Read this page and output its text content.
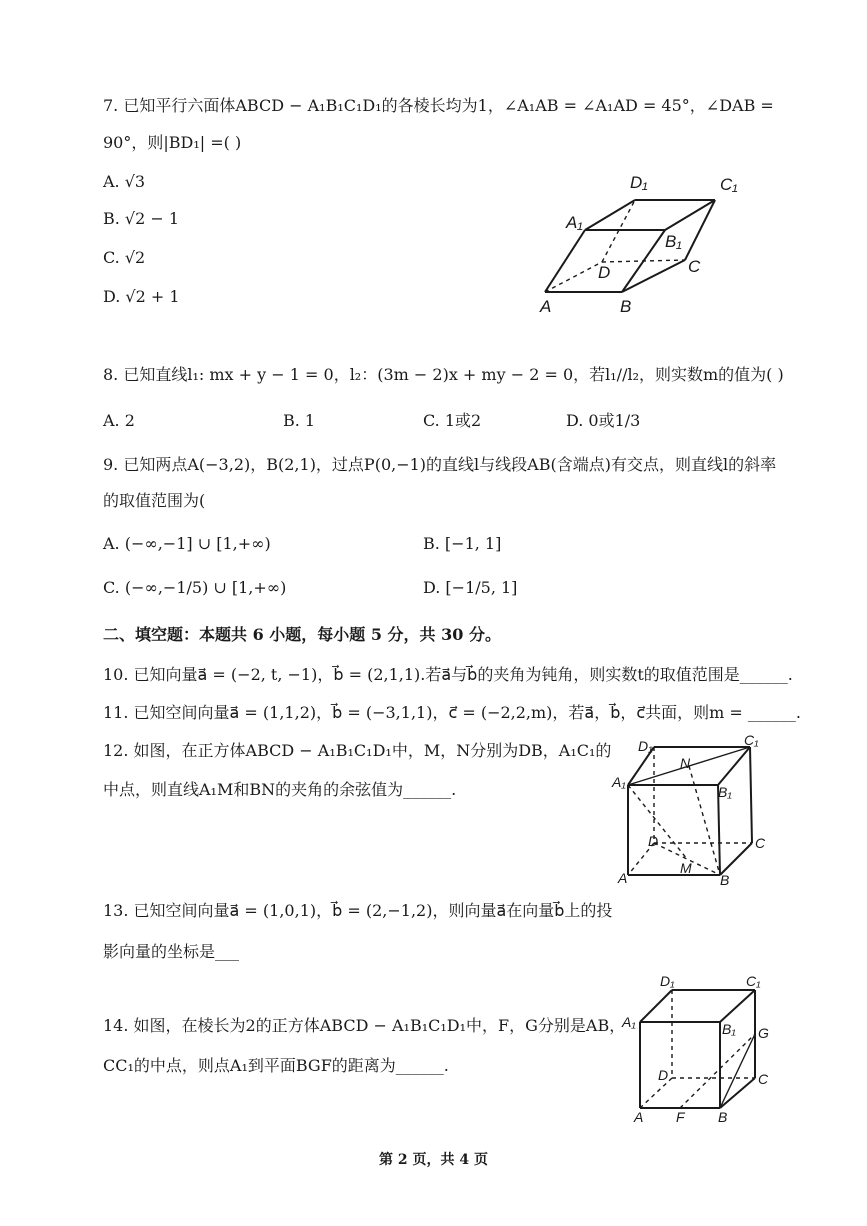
7. 已知平行六面体ABCD − A₁B₁C₁D₁的各棱长均为1，∠A₁AB = ∠A₁AD = 45°，∠DAB =
90°，则|BD₁| =( )
A. √3
B. √2 − 1
C. √2
D. √2 + 1
D₁	C₁
A₁
B₁
D	C
A	B
8. 已知直线l₁: mx + y − 1 = 0，l₂：(3m − 2)x + my − 2 = 0，若l₁//l₂，则实数m的值为( )
A. 2	B. 1	C. 1或2	D. 0或1/3
9. 已知两点A(−3,2)，B(2,1)，过点P(0,−1)的直线l与线段AB(含端点)有交点，则直线l的斜率
的取值范围为(
A. (−∞,−1] ∪ [1,+∞)	B. [−1, 1]
C. (−∞,−1/5) ∪ [1,+∞)	D. [−1/5, 1]
二、填空题：本题共 6 小题，每小题 5 分，共 30 分。
10. 已知向量a⃗ = (−2, t, −1)，b⃗ = (2,1,1).若a⃗与b⃗的夹角为钝角，则实数t的取值范围是______.
11. 已知空间向量a⃗ = (1,1,2)，b⃗ = (−3,1,1)，c⃗ = (−2,2,m)，若a⃗，b⃗，c⃗共面，则m = ______.
12. 如图，在正方体ABCD − A₁B₁C₁D₁中，M，N分别为DB，A₁C₁的
中点，则直线A₁M和BN的夹角的余弦值为______.
D₁	C₁
N
A₁
B₁
D	C
A
M
B
13. 已知空间向量a⃗ = (1,0,1)，b⃗ = (2,−1,2)，则向量a⃗在向量b⃗上的投
影向量的坐标是___
14. 如图，在棱长为2的正方体ABCD − A₁B₁C₁D₁中，F，G分别是AB，
CC₁的中点，则点A₁到平面BGF的距离为______.
D₁	C₁
A₁	B₁ G
D	C
A F B
第 2 页，共 4 页
